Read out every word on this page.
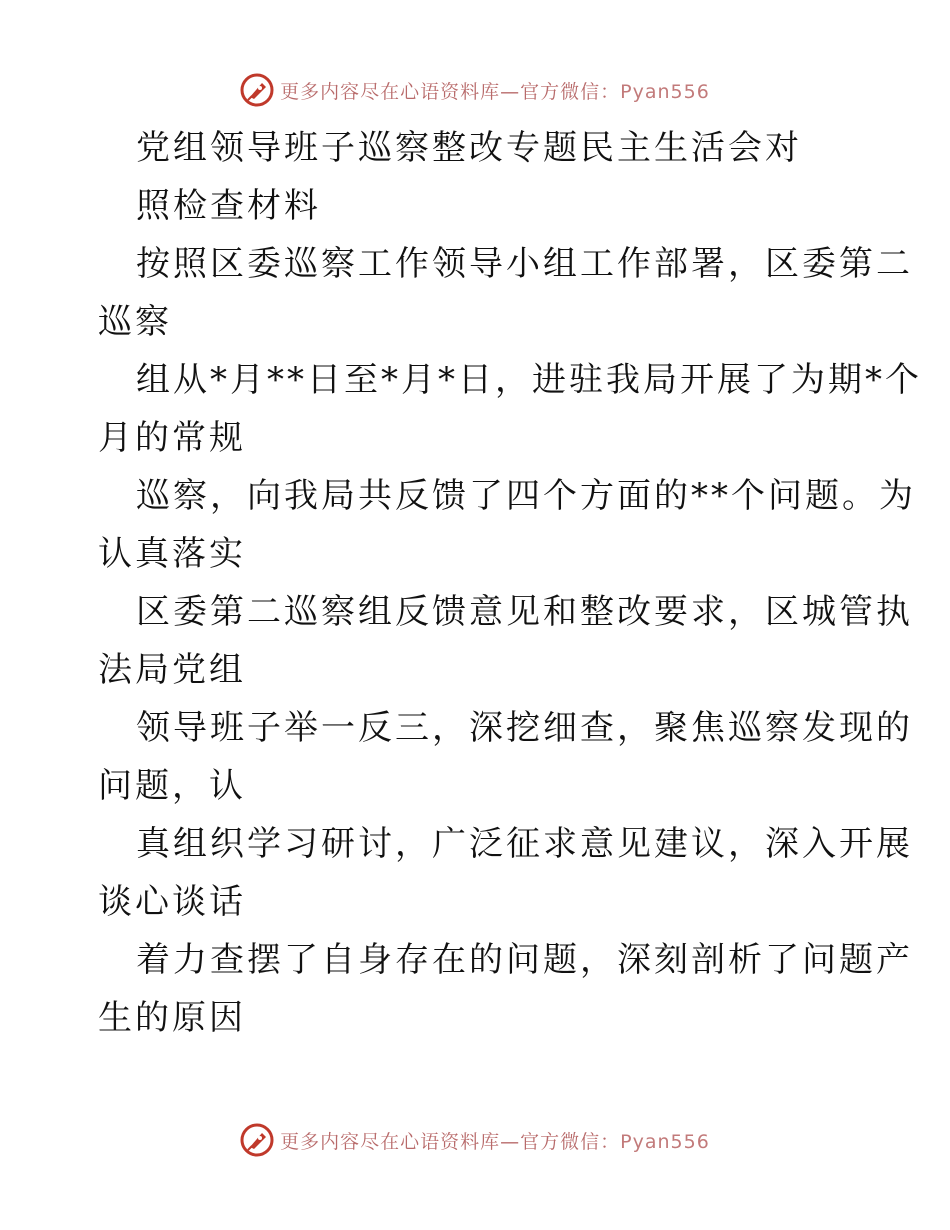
更多内容尽在心语资料库—官方微信：Pyan556
党组领导班子巡察整改专题民主生活会对
照检查材料
按照区委巡察工作领导小组工作部署，区委第二
巡察
组从*月**日至*月*日，进驻我局开展了为期*个
月的常规
巡察，向我局共反馈了四个方面的**个问题。为
认真落实
区委第二巡察组反馈意见和整改要求，区城管执
法局党组
领导班子举一反三，深挖细查，聚焦巡察发现的
问题，认
真组织学习研讨，广泛征求意见建议，深入开展
谈心谈话
着力查摆了自身存在的问题，深刻剖析了问题产
生的原因
更多内容尽在心语资料库—官方微信：Pyan556
